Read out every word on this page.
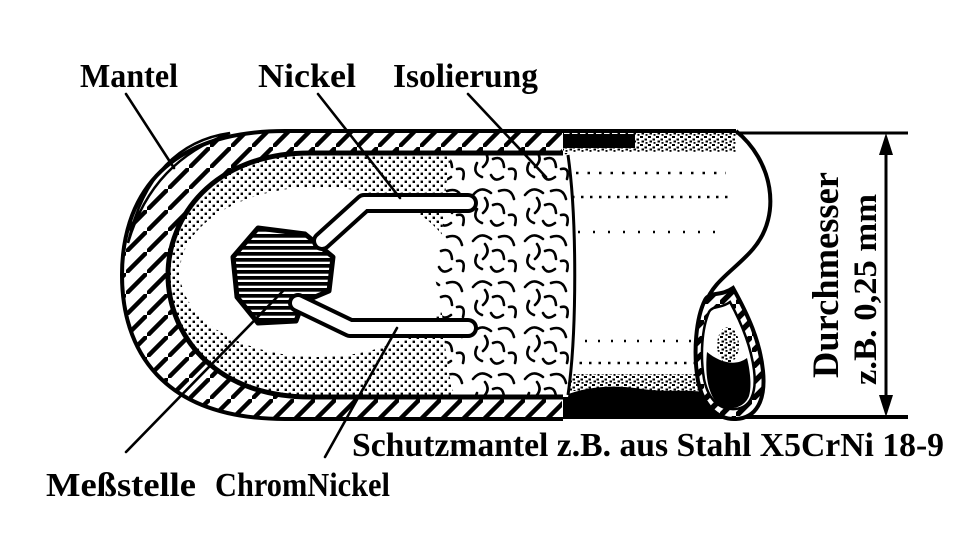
Durchmesser z.B. 0,25 mm
Mantel Nickel Isolierung
Schutzmantel z.B. aus Stahl X5CrNi 18-9
Meßstelle ChromNickel
